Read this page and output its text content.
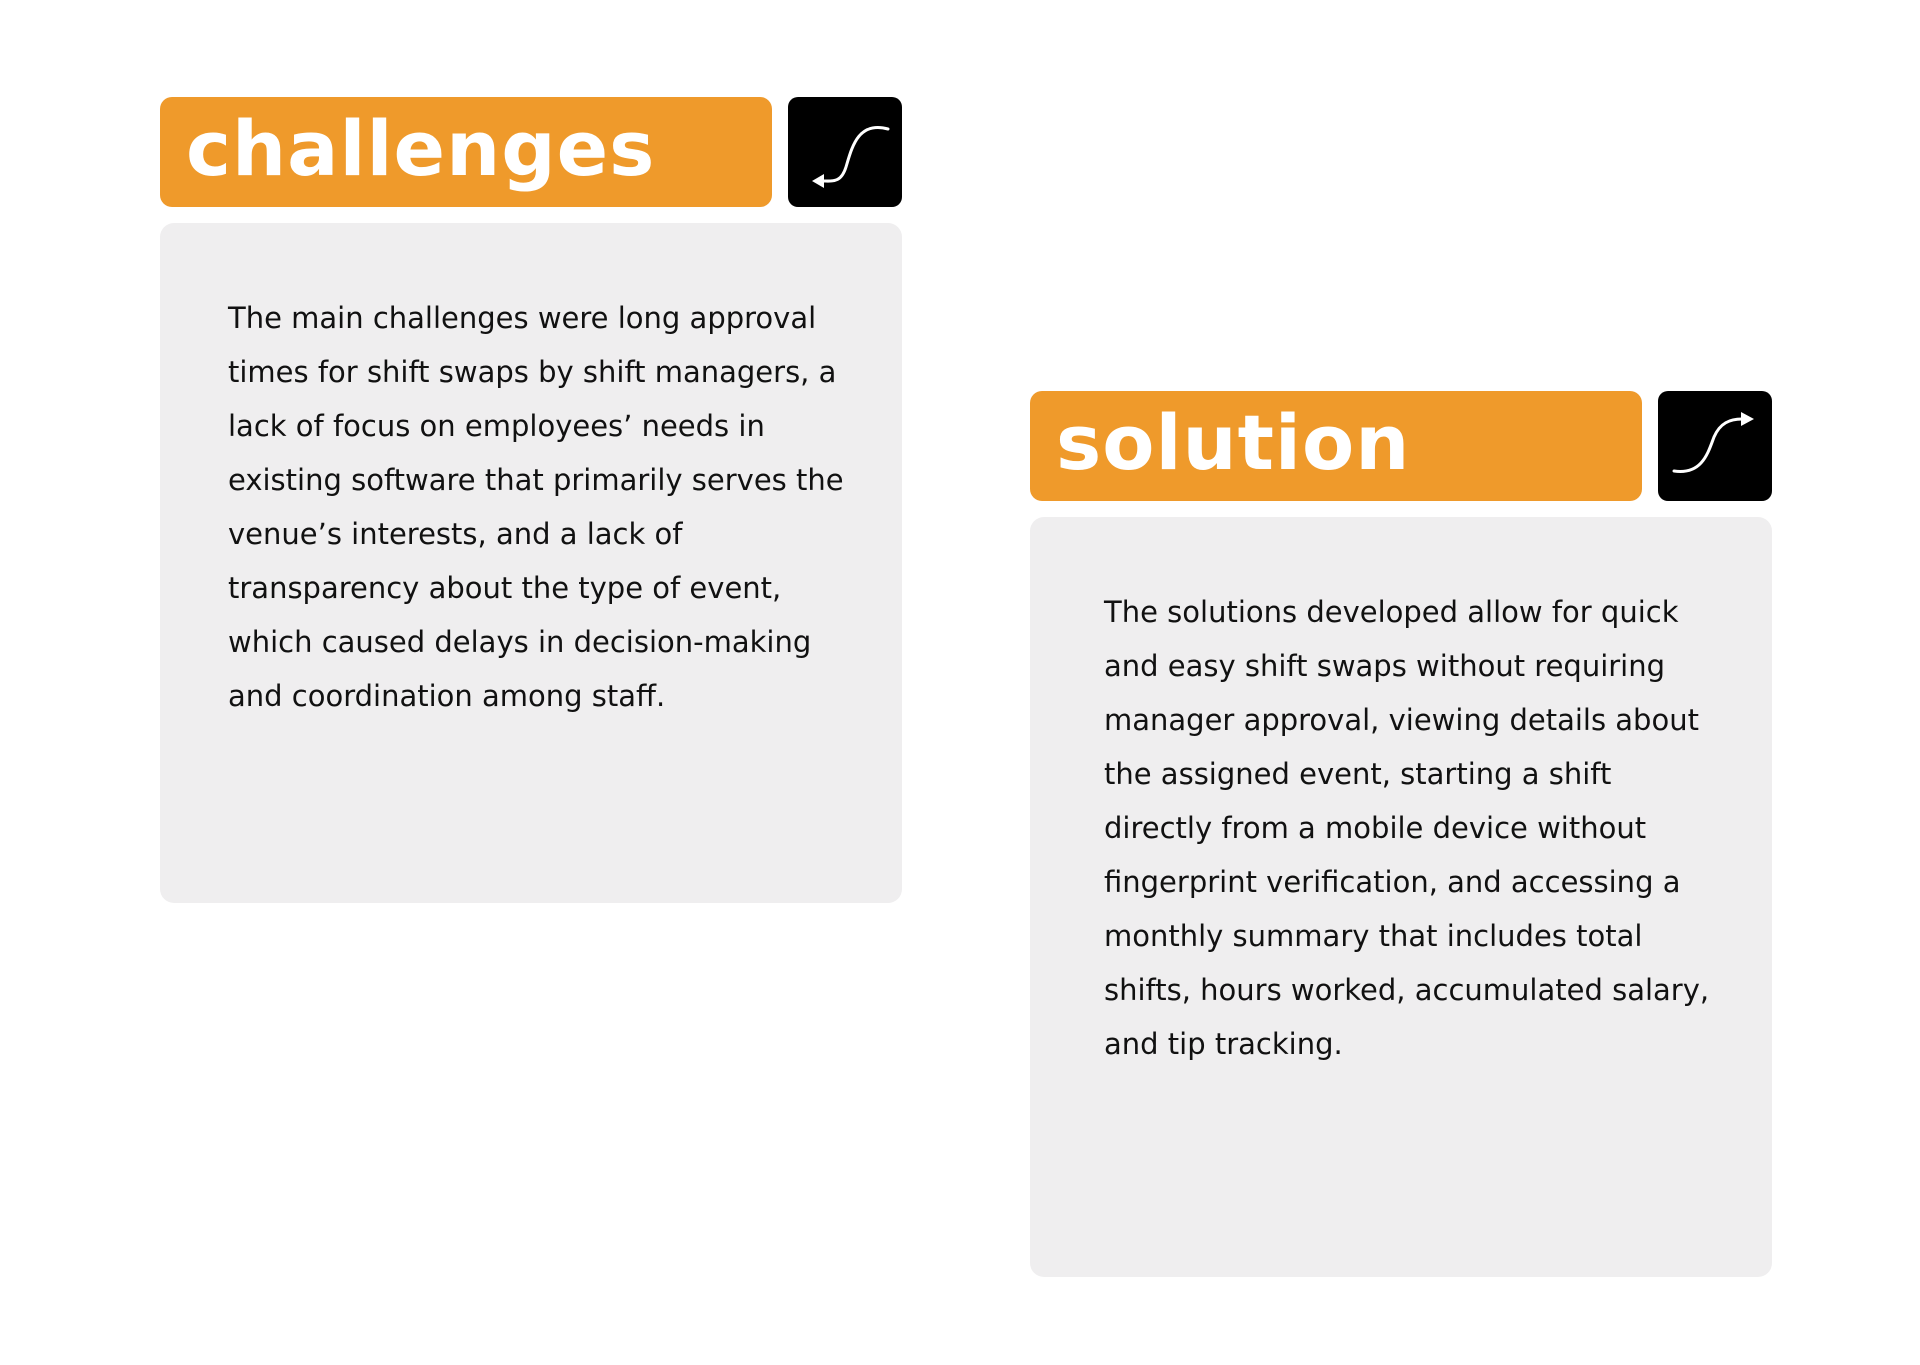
challenges

The main challenges were long approval times for shift swaps by shift managers, a lack of focus on employees’ needs in existing software that primarily serves the venue’s interests, and a lack of transparency about the type of event, which caused delays in decision-making and coordination among staff.

solution

The solutions developed allow for quick and easy shift swaps without requiring manager approval, viewing details about the assigned event, starting a shift directly from a mobile device without fingerprint verification, and accessing a monthly summary that includes total shifts, hours worked, accumulated salary, and tip tracking.
